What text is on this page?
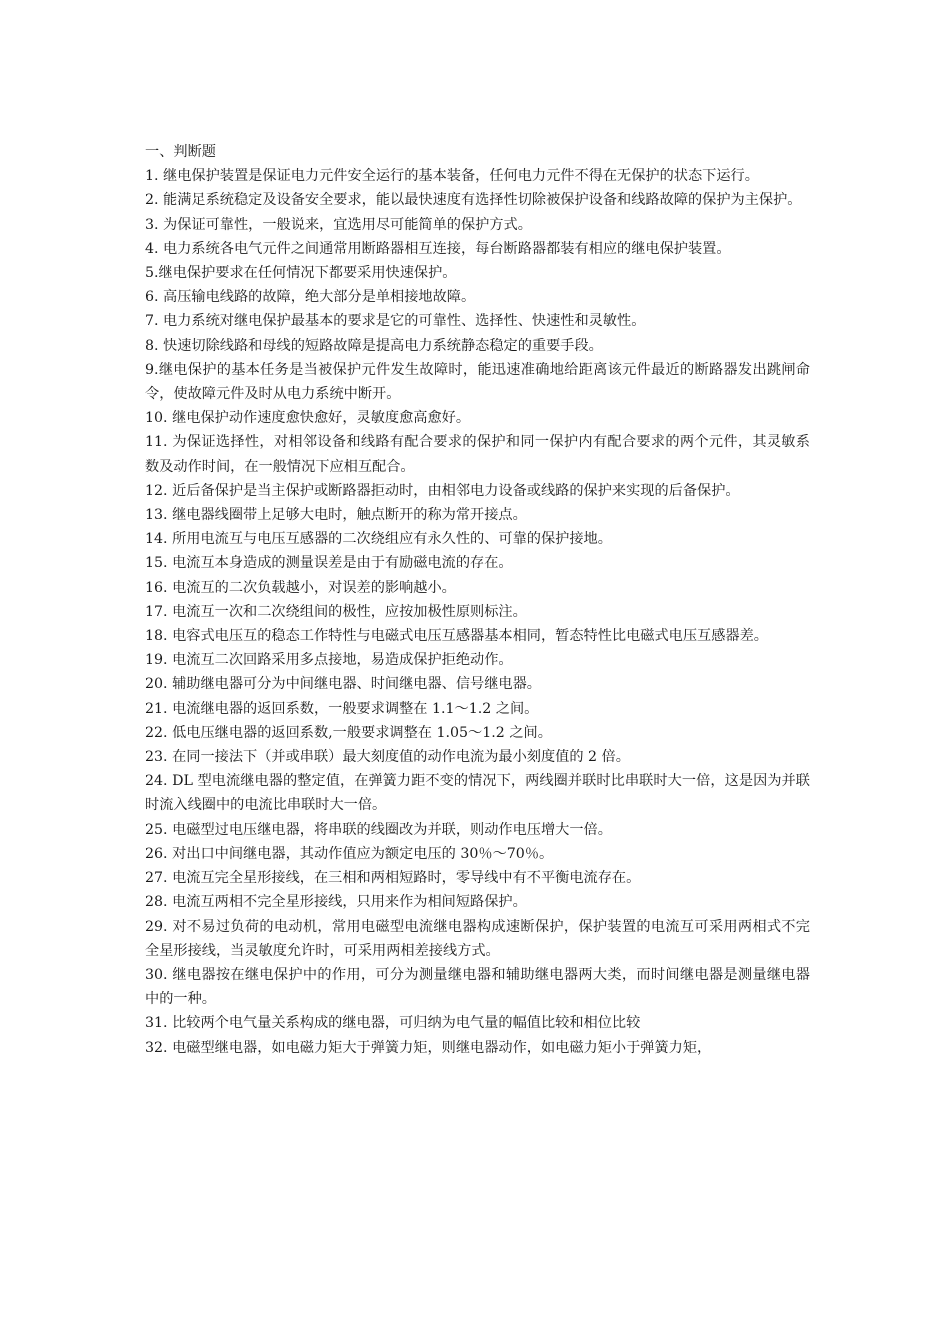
一、判断题

1. 继电保护装置是保证电力元件安全运行的基本装备，任何电力元件不得在无保护的状态下运行。

2. 能满足系统稳定及设备安全要求，能以最快速度有选择性切除被保护设备和线路故障的保护为主保护。

3. 为保证可靠性，一般说来，宜选用尽可能简单的保护方式。

4. 电力系统各电气元件之间通常用断路器相互连接，每台断路器都装有相应的继电保护装置。

5.继电保护要求在任何情况下都要采用快速保护。

6. 高压输电线路的故障，绝大部分是单相接地故障。

7. 电力系统对继电保护最基本的要求是它的可靠性、选择性、快速性和灵敏性。

8. 快速切除线路和母线的短路故障是提高电力系统静态稳定的重要手段。

9.继电保护的基本任务是当被保护元件发生故障时，能迅速准确地给距离该元件最近的断路器发出跳闸命令，使故障元件及时从电力系统中断开。

10. 继电保护动作速度愈快愈好，灵敏度愈高愈好。

11. 为保证选择性，对相邻设备和线路有配合要求的保护和同一保护内有配合要求的两个元件，其灵敏系数及动作时间，在一般情况下应相互配合。

12. 近后备保护是当主保护或断路器拒动时，由相邻电力设备或线路的保护来实现的后备保护。

13. 继电器线圈带上足够大电时，触点断开的称为常开接点。

14. 所用电流互与电压互感器的二次绕组应有永久性的、可靠的保护接地。

15. 电流互本身造成的测量误差是由于有励磁电流的存在。

16. 电流互的二次负载越小，对误差的影响越小。

17. 电流互一次和二次绕组间的极性，应按加极性原则标注。

18. 电容式电压互的稳态工作特性与电磁式电压互感器基本相同，暂态特性比电磁式电压互感器差。

19. 电流互二次回路采用多点接地，易造成保护拒绝动作。

20. 辅助继电器可分为中间继电器、时间继电器、信号继电器。

21. 电流继电器的返回系数，一般要求调整在 1.1～1.2 之间。

22. 低电压继电器的返回系数,一般要求调整在 1.05～1.2 之间。

23. 在同一接法下（并或串联）最大刻度值的动作电流为最小刻度值的 2 倍。

24. DL 型电流继电器的整定值，在弹簧力距不变的情况下，两线圈并联时比串联时大一倍，这是因为并联时流入线圈中的电流比串联时大一倍。

25. 电磁型过电压继电器，将串联的线圈改为并联，则动作电压增大一倍。

26. 对出口中间继电器，其动作值应为额定电压的 30％～70％。

27. 电流互完全星形接线，在三相和两相短路时，零导线中有不平衡电流存在。

28. 电流互两相不完全星形接线，只用来作为相间短路保护。

29. 对不易过负荷的电动机，常用电磁型电流继电器构成速断保护，保护装置的电流互可采用两相式不完全星形接线，当灵敏度允许时，可采用两相差接线方式。

30. 继电器按在继电保护中的作用，可分为测量继电器和辅助继电器两大类，而时间继电器是测量继电器中的一种。

31. 比较两个电气量关系构成的继电器，可归纳为电气量的幅值比较和相位比较

32. 电磁型继电器，如电磁力矩大于弹簧力矩，则继电器动作，如电磁力矩小于弹簧力矩，
